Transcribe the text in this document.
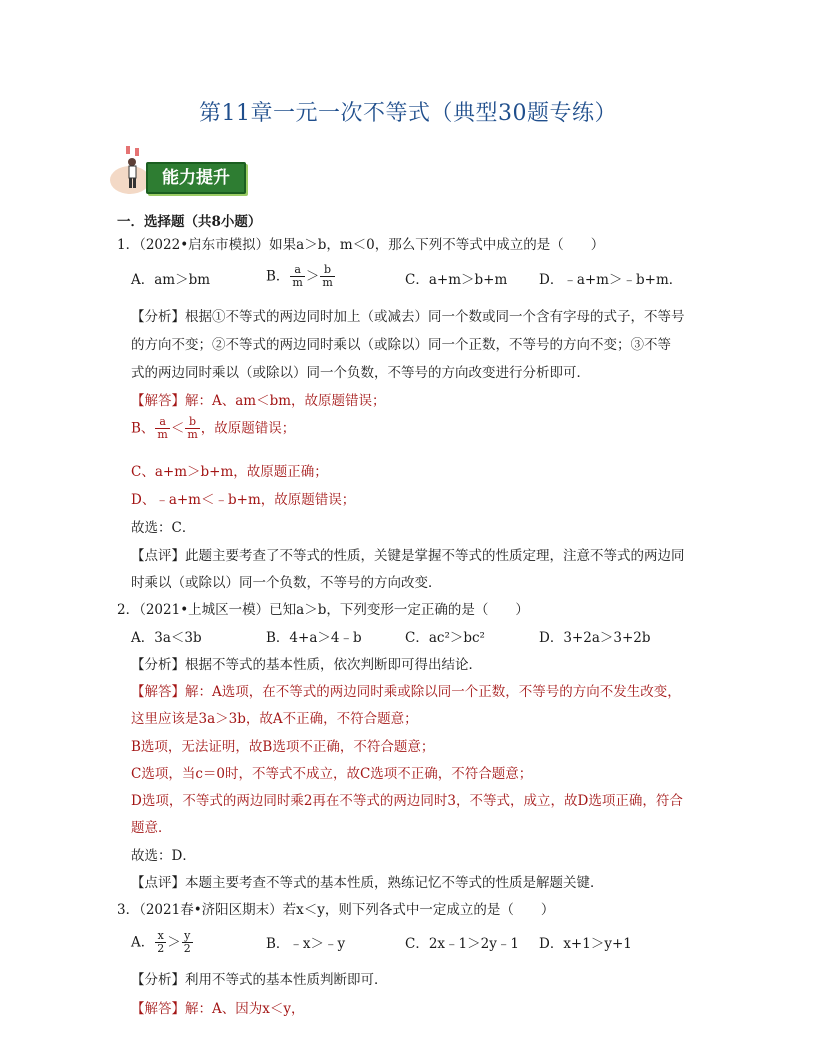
第11章一元一次不等式（典型30题专练）
能力提升
一．选择题（共8小题）
1．（2022•启东市模拟）如果a＞b，m＜0，那么下列不等式中成立的是（　　）
A．am＞bm	B． $\frac{a}{m} > \frac{b}{m}$	C．a+m＞b+m D．﹣a+m＞﹣b+m．
【分析】根据①不等式的两边同时加上（或减去）同一个数或同一个含有字母的式子，不等号
的方向不变；②不等式的两边同时乘以（或除以）同一个正数，不等号的方向不变；③不等
式的两边同时乘以（或除以）同一个负数，不等号的方向改变进行分析即可．
【解答】解：A、am＜bm，故原题错误；
B、 $\frac{a}{m} < \frac{b}{m}$ ，故原题错误；
C、a+m＞b+m，故原题正确；
D、﹣a+m＜﹣b+m，故原题错误；
故选：C．
【点评】此题主要考查了不等式的性质，关键是掌握不等式的性质定理，注意不等式的两边同
时乘以（或除以）同一个负数，不等号的方向改变．
2．（2021•上城区一模）已知a＞b，下列变形一定正确的是（　　）
A．3a＜3b	B．4+a＞4﹣b	C．ac²＞bc²	D．3+2a＞3+2b
【分析】根据不等式的基本性质，依次判断即可得出结论．
【解答】解：A选项，在不等式的两边同时乘或除以同一个正数，不等号的方向不发生改变，
这里应该是3a＞3b，故A不正确，不符合题意；
B选项，无法证明，故B选项不正确，不符合题意；
C选项，当c＝0时，不等式不成立，故C选项不正确，不符合题意；
D选项，不等式的两边同时乘2再在不等式的两边同时3，不等式，成立，故D选项正确，符合
题意．
故选：D．
【点评】本题主要考查不等式的基本性质，熟练记忆不等式的性质是解题关键．
3．（2021春•济阳区期末）若x＜y，则下列各式中一定成立的是（　　）
A． $\frac{x}{2} > \frac{y}{2}$	B．﹣x＞﹣y	C．2x﹣1＞2y﹣1 D．x+1＞y+1
【分析】利用不等式的基本性质判断即可．
【解答】解：A、因为x＜y，
